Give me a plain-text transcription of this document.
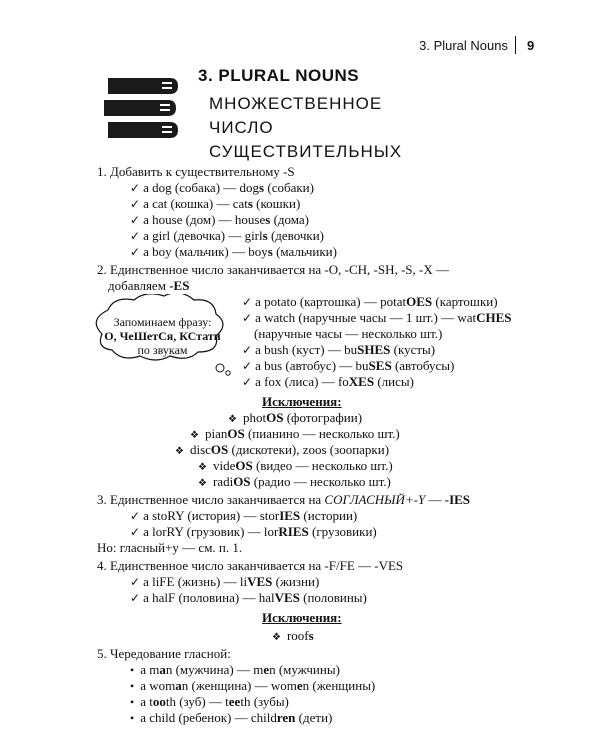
3. Plural Nouns 9
3. PLURAL NOUNS
МНОЖЕСТВЕННОЕ ЧИСЛО
СУЩЕСТВИТЕЛЬНЫХ
1. Добавить к существительному -S
✓ a dog (собака) — dogs (собаки)
✓ a cat (кошка) — cats (кошки)
✓ a house (дом) — houses (дома)
✓ a girl (девочка) — girls (девочки)
✓ a boy (мальчик) — boys (мальчики)
2. Единственное число заканчивается на -O, -CH, -SH, -S, -X —
добавляем -ES
Запоминаем фразу:
О, ЧеШетСя, КСтати
по звукам
✓ a potato (картошка) — potatOES (картошки)
✓ a watch (наручные часы — 1 шт.) — watCHES
(наручные часы — несколько шт.)
✓ a bush (куст) — buSHES (кусты)
✓ a bus (автобус) — buSES (автобусы)
✓ a fox (лиса) — foXES (лисы)
Исключения:
❖ photOS (фотографии)
❖ pianOS (пианино — несколько шт.)
❖ discOS (дискотеки), zoos (зоопарки)
❖ videOS (видео — несколько шт.)
❖ radiOS (радио — несколько шт.)
3. Единственное число заканчивается на СОГЛАСНЫЙ+-Y — -IES
✓ a stoRY (история) — storIES (истории)
✓ a lorRY (грузовик) — lorRIES (грузовики)
Но: гласный+y — см. п. 1.
4. Единственное число заканчивается на -F/FE — -VES
✓ a liFE (жизнь) — liVES (жизни)
✓ a halF (половина) — halVES (половины)
Исключения:
❖ roofs
5. Чередование гласной:
• a man (мужчина) — men (мужчины)
• a woman (женщина) — women (женщины)
• a tooth (зуб) — teeth (зубы)
• a child (ребенок) — children (дети)
